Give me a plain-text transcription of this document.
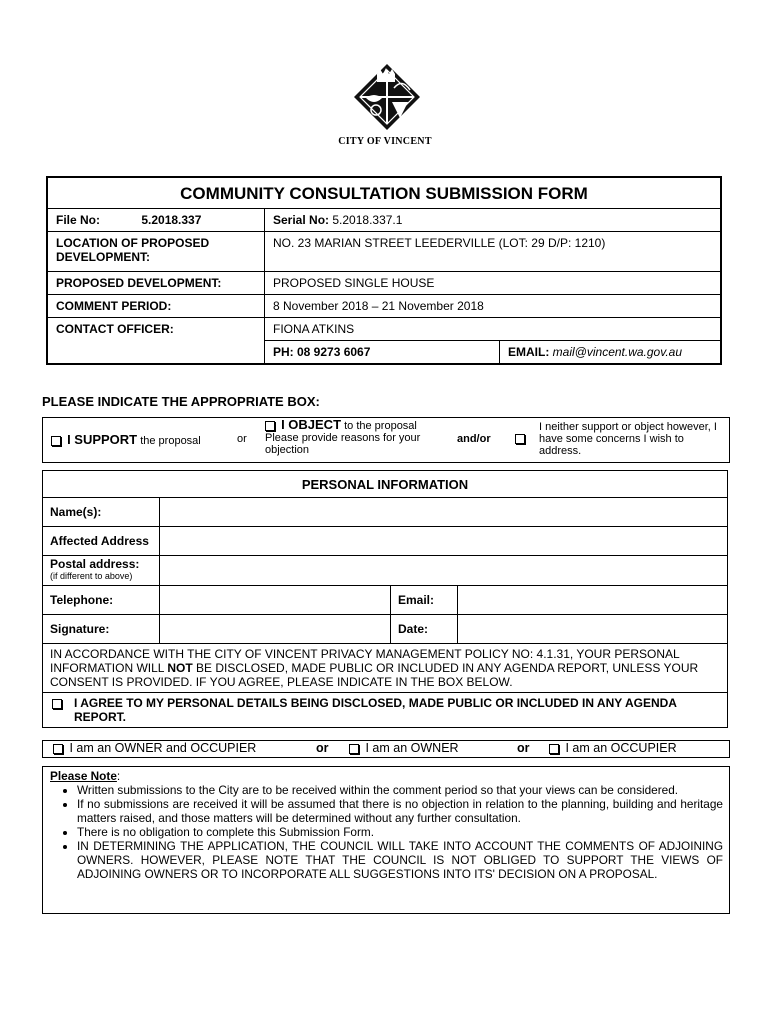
CITY OF VINCENT
COMMUNITY CONSULTATION SUBMISSION FORM		
File No: 5.2018.337	Serial No: 5.2018.337.1	
LOCATION OF PROPOSED DEVELOPMENT:	NO. 23 MARIAN STREET LEEDERVILLE (LOT: 29 D/P: 1210)	
PROPOSED DEVELOPMENT:	PROPOSED SINGLE HOUSE	
COMMENT PERIOD:	8 November 2018 – 21 November 2018	
CONTACT OFFICER:	FIONA ATKINS	
	PH: 08 9273 6067	EMAIL: mail@vincent.wa.gov.au
PLEASE INDICATE THE APPROPRIATE BOX:
I SUPPORT the proposal	or
I OBJECT to the proposal
Please provide reasons for your objection
and/or
I neither support or object however, I have some concerns I wish to address.
PERSONAL INFORMATION			
Name(s):			
Affected Address			
Postal address:
(if different to above)			
Telephone:		Email:	
Signature:		Date:	
IN ACCORDANCE WITH THE CITY OF VINCENT PRIVACY MANAGEMENT POLICY NO: 4.1.31, YOUR PERSONAL INFORMATION WILL NOT BE DISCLOSED, MADE PUBLIC OR INCLUDED IN ANY AGENDA REPORT, UNLESS YOUR CONSENT IS PROVIDED. IF YOU AGREE, PLEASE INDICATE IN THE BOX BELOW.			

I AGREE TO MY PERSONAL DETAILS BEING DISCLOSED, MADE PUBLIC OR INCLUDED IN ANY AGENDA REPORT.			
I am an OWNER and OCCUPIER	or	I am an OWNER	or	I am an OCCUPIER
Please Note:
• Written submissions to the City are to be received within the comment period so that your views can be considered.
• If no submissions are received it will be assumed that there is no objection in relation to the planning, building and heritage matters raised, and those matters will be determined without any further consultation.
• There is no obligation to complete this Submission Form.
• IN DETERMINING THE APPLICATION, THE COUNCIL WILL TAKE INTO ACCOUNT THE COMMENTS OF ADJOINING OWNERS. HOWEVER, PLEASE NOTE THAT THE COUNCIL IS NOT OBLIGED TO SUPPORT THE VIEWS OF ADJOINING OWNERS OR TO INCORPORATE ALL SUGGESTIONS INTO ITS' DECISION ON A PROPOSAL.
